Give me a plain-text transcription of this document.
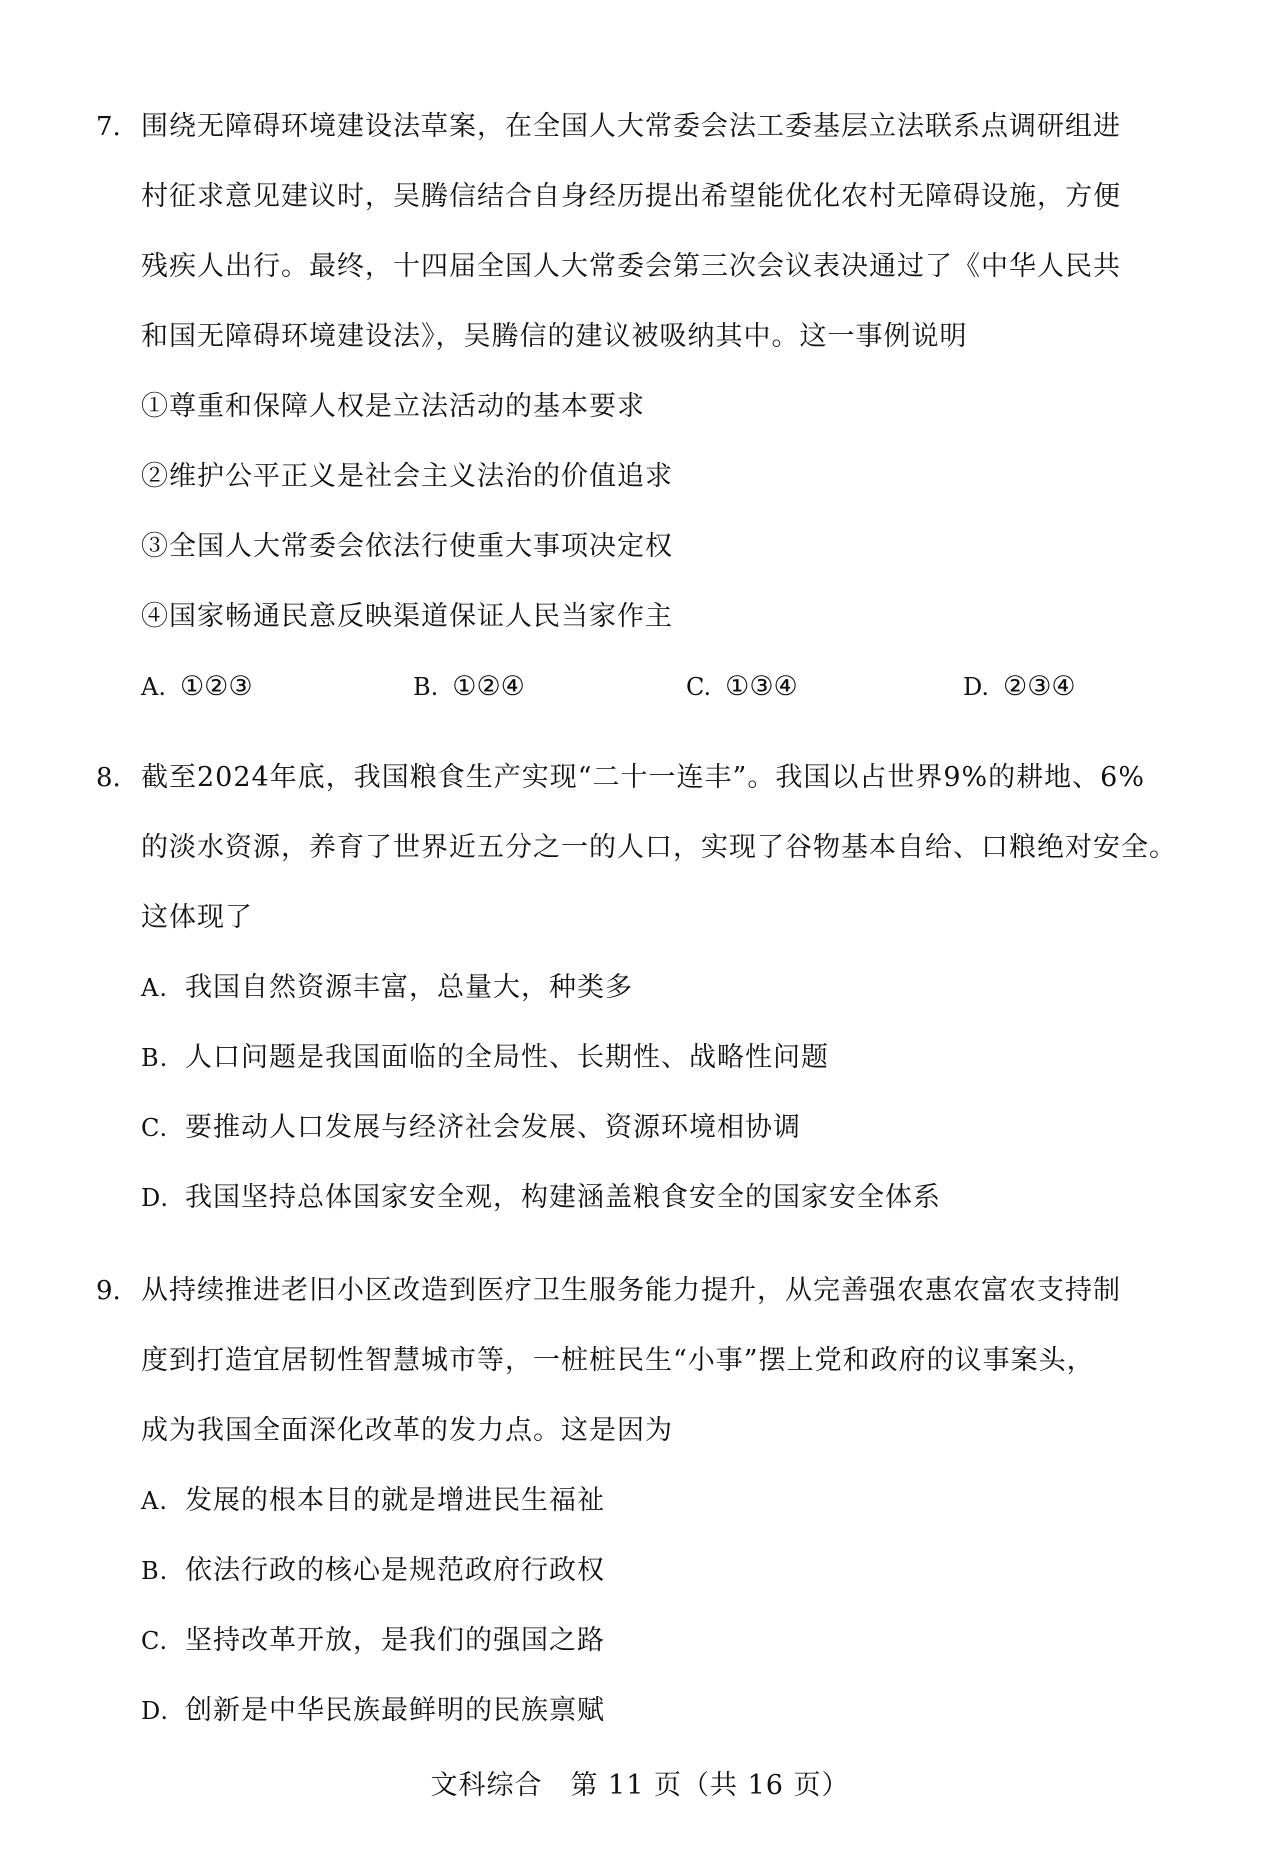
7. 围绕无障碍环境建设法草案，在全国人大常委会法工委基层立法联系点调研组进
村征求意见建议时，吴腾信结合自身经历提出希望能优化农村无障碍设施，方便
残疾人出行。最终，十四届全国人大常委会第三次会议表决通过了《中华人民共
和国无障碍环境建设法》，吴腾信的建议被吸纳其中。这一事例说明
①尊重和保障人权是立法活动的基本要求
②维护公平正义是社会主义法治的价值追求
③全国人大常委会依法行使重大事项决定权
④国家畅通民意反映渠道保证人民当家作主
A. ①②③	B. ①②④	C. ①③④	D. ②③④
8. 截至2024年底，我国粮食生产实现“二十一连丰”。我国以占世界9%的耕地、6%
的淡水资源，养育了世界近五分之一的人口，实现了谷物基本自给、口粮绝对安全。
这体现了
A. 我国自然资源丰富，总量大，种类多
B. 人口问题是我国面临的全局性、长期性、战略性问题
C. 要推动人口发展与经济社会发展、资源环境相协调
D. 我国坚持总体国家安全观，构建涵盖粮食安全的国家安全体系
9. 从持续推进老旧小区改造到医疗卫生服务能力提升，从完善强农惠农富农支持制
度到打造宜居韧性智慧城市等，一桩桩民生“小事”摆上党和政府的议事案头，
成为我国全面深化改革的发力点。这是因为
A. 发展的根本目的就是增进民生福祉
B. 依法行政的核心是规范政府行政权
C. 坚持改革开放，是我们的强国之路
D. 创新是中华民族最鲜明的民族禀赋
文科综合　第 11 页（共 16 页）
